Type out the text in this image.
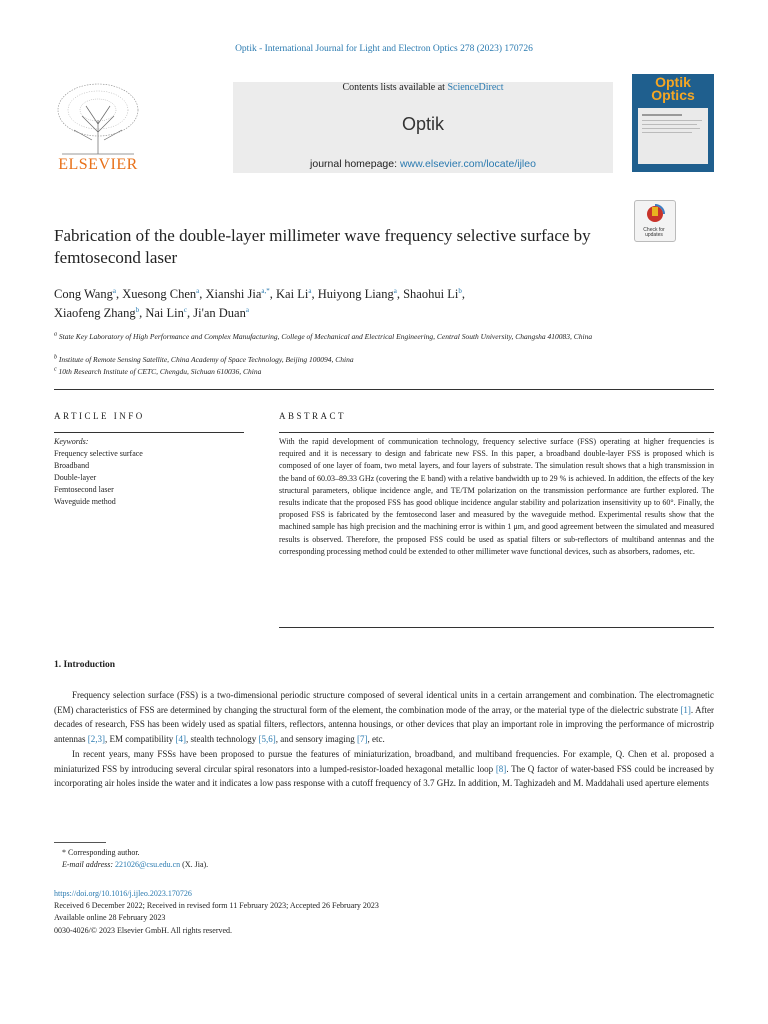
Optik - International Journal for Light and Electron Optics 278 (2023) 170726
ELSEVIER
Contents lists available at ScienceDirect
Optik
journal homepage: www.elsevier.com/locate/ijleo
Optik
Optics
Check for
updates
Fabrication of the double-layer millimeter wave frequency selective surface by femtosecond laser
Cong Wang$^a$, Xuesong Chen$^a$, Xianshi Jia$^{a,*}$, Kai Li$^a$, Huiyong Liang$^a$, Shaohui Li$^b$,
Xiaofeng Zhang$^b$, Nai Lin$^c$, Ji'an Duan$^a$
$^a$ State Key Laboratory of High Performance and Complex Manufacturing, College of Mechanical and Electrical Engineering, Central South University, Changsha 410083, China
$^b$ Institute of Remote Sensing Satellite, China Academy of Space Technology, Beijing 100094, China
$^c$ 10th Research Institute of CETC, Chengdu, Sichuan 610036, China
ARTICLE INFO
Keywords:
Frequency selective surface
Broadband
Double-layer
Femtosecond laser
Waveguide method
ABSTRACT
With the rapid development of communication technology, frequency selective surface (FSS) operating at higher frequencies is required and it is necessary to design and fabricate new FSS. In this paper, a broadband double-layer FSS is proposed which is composed of one layer of foam, two metal layers, and four layers of substrate. The simulation result shows that a high transmission in the band of 60.03–89.33 GHz (covering the E band) with a relative bandwidth up to 29 % is achieved. In addition, the effects of the key structural parameters, oblique incidence angle, and TE/TM polarization on the transmission performance are further explored. The results indicate that the proposed FSS has good oblique incidence angular stability and polarization insensitivity up to 60°. Finally, the proposed FSS is fabricated by the femtosecond laser and measured by the waveguide method. Experimental results show that the machined sample has high precision and the machining error is within 1 μm, and good agreement between the simulated and measured results is observed. Therefore, the proposed FSS could be used as spatial filters or sub-reflectors of multiband antennas and the corresponding processing method could be extended to other millimeter wave functional devices, such as absorbers, radomes, etc.
1. Introduction

Frequency selection surface (FSS) is a two-dimensional periodic structure composed of several identical units in a certain arrangement and combination. The electromagnetic (EM) characteristics of FSS are determined by changing the structural form of the element, the combination mode of the array, or the material type of the dielectric substrate [1]. After decades of research, FSS has been widely used as spatial filters, reflectors, antenna housings, or other devices that play an important role in improving the performance of microstrip antennas [2,3], EM compatibility [4], stealth technology [5,6], and sensory imaging [7], etc.

In recent years, many FSSs have been proposed to pursue the features of miniaturization, broadband, and multiband frequencies. For example, Q. Chen et al. proposed a miniaturized FSS by introducing several circular spiral resonators into a lumped-resistor-loaded hexagonal metallic loop [8]. The Q factor of water-based FSS could be increased by incorporating air holes inside the water and it indicates a low pass response with a cutoff frequency of 3.7 GHz. In addition, M. Taghizadeh and M. Maddahali used aperture elements

* Corresponding author.
E-mail address: 221026@csu.edu.cn (X. Jia).
https://doi.org/10.1016/j.ijleo.2023.170726
Received 6 December 2022; Received in revised form 11 February 2023; Accepted 26 February 2023
Available online 28 February 2023
0030-4026/© 2023 Elsevier GmbH. All rights reserved.
